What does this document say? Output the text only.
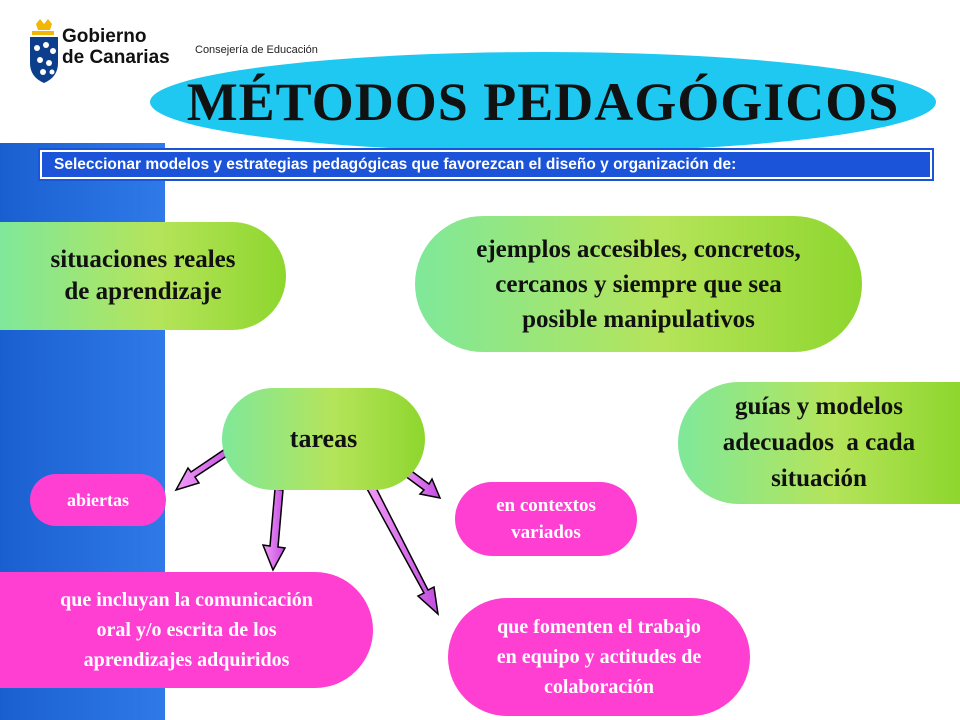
Gobierno
de Canarias Consejería de Educación
MÉTODOS PEDAGÓGICOS
Seleccionar modelos y estrategias pedagógicas que favorezcan el diseño y organización de:
situaciones reales
de aprendizaje
ejemplos accesibles, concretos,
cercanos y siempre que sea
posible manipulativos
guías y modelos
adecuados  a cada
situación
tareas
abiertas	en contextos
variados
que incluyan la comunicación
oral y/o escrita de los
aprendizajes adquiridos
que fomenten el trabajo
en equipo y actitudes de
colaboración
